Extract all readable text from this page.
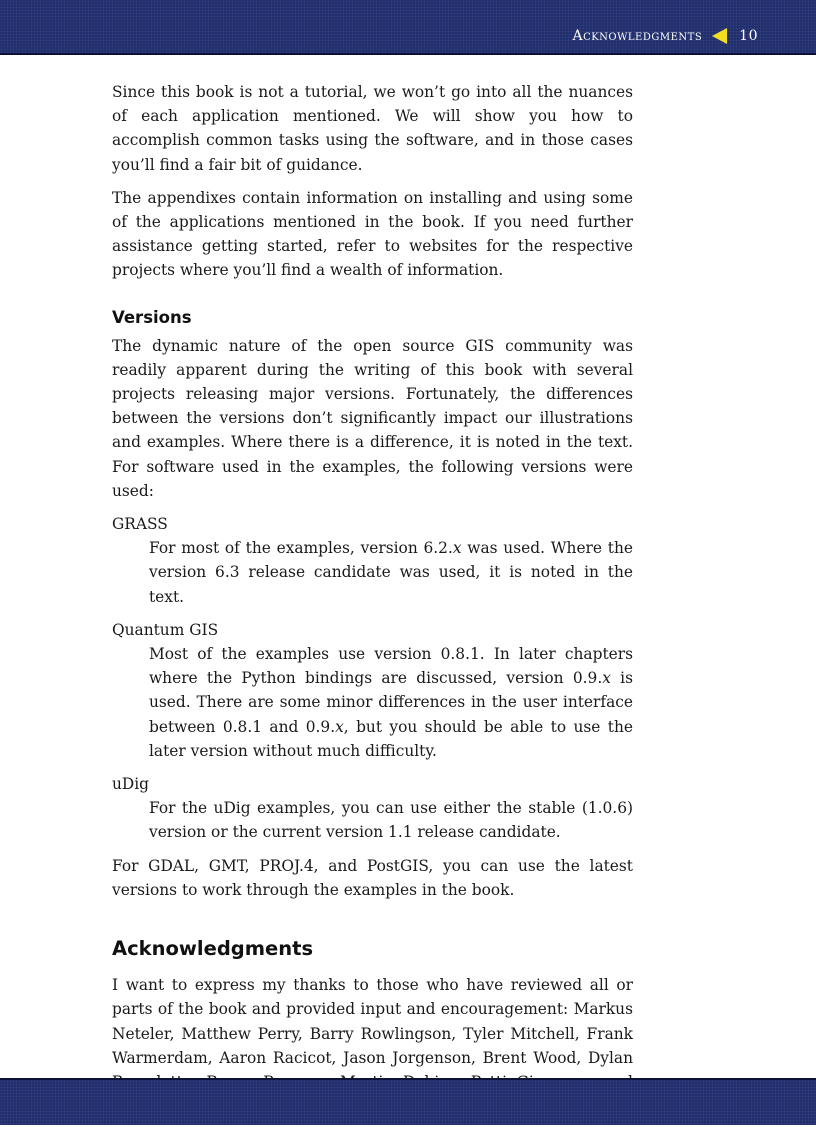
Acknowledgments	10

Since this book is not a tutorial, we won’t go into all the nuances of each application mentioned. We will show you how to accomplish common tasks using the software, and in those cases you’ll find a fair bit of guidance.

The appendixes contain information on installing and using some of the applications mentioned in the book. If you need further assistance getting started, refer to websites for the respective projects where you’ll find a wealth of information.

Versions

The dynamic nature of the open source GIS community was readily apparent during the writing of this book with several projects releasing major versions. Fortunately, the differences between the versions don’t significantly impact our illustrations and examples. Where there is a difference, it is noted in the text. For software used in the examples, the following versions were used:

GRASS
For most of the examples, version 6.2.x was used. Where the version 6.3 release candidate was used, it is noted in the text.
Quantum GIS
Most of the examples use version 0.8.1. In later chapters where the Python bindings are discussed, version 0.9.x is used. There are some minor differences in the user interface between 0.8.1 and 0.9.x, but you should be able to use the later version without much difficulty.
uDig
For the uDig examples, you can use either the stable (1.0.6) version or the current version 1.1 release candidate.

For GDAL, GMT, PROJ.4, and PostGIS, you can use the latest versions to work through the examples in the book.

Acknowledgments

I want to express my thanks to those who have reviewed all or parts of the book and provided input and encouragement: Markus Neteler, Matthew Perry, Barry Rowlingson, Tyler Mitchell, Frank Warmerdam, Aaron Racicot, Jason Jorgenson, Brent Wood, Dylan
